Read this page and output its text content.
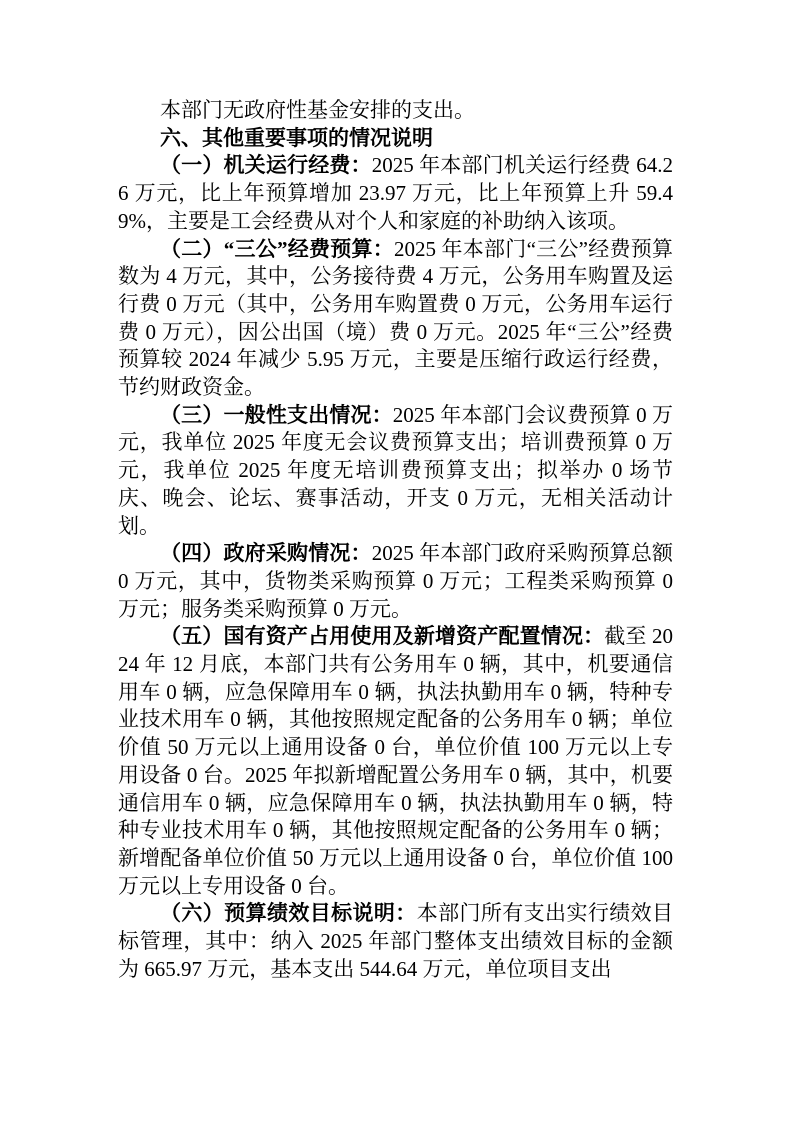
本部门无政府性基金安排的支出。

六、其他重要事项的情况说明

（一）机关运行经费：2025 年本部门机关运行经费 64.26 万元，比上年预算增加 23.97 万元，比上年预算上升 59.49%，主要是工会经费从对个人和家庭的补助纳入该项。

（二）“三公”经费预算：2025 年本部门“三公”经费预算数为 4 万元，其中，公务接待费 4 万元，公务用车购置及运行费 0 万元（其中，公务用车购置费 0 万元，公务用车运行费 0 万元），因公出国（境）费 0 万元。2025 年“三公”经费预算较 2024 年减少 5.95 万元，主要是压缩行政运行经费，节约财政资金。

（三）一般性支出情况：2025 年本部门会议费预算 0 万元，我单位 2025 年度无会议费预算支出；培训费预算 0 万元，我单位 2025 年度无培训费预算支出；拟举办 0 场节庆、晚会、论坛、赛事活动，开支 0 万元，无相关活动计划。

（四）政府采购情况：2025 年本部门政府采购预算总额 0 万元，其中，货物类采购预算 0 万元；工程类采购预算 0 万元；服务类采购预算 0 万元。

（五）国有资产占用使用及新增资产配置情况：截至 2024 年 12 月底，本部门共有公务用车 0 辆，其中，机要通信用车 0 辆，应急保障用车 0 辆，执法执勤用车 0 辆，特种专业技术用车 0 辆，其他按照规定配备的公务用车 0 辆；单位价值 50 万元以上通用设备 0 台，单位价值 100 万元以上专用设备 0 台。2025 年拟新增配置公务用车 0 辆，其中，机要通信用车 0 辆，应急保障用车 0 辆，执法执勤用车 0 辆，特种专业技术用车 0 辆，其他按照规定配备的公务用车 0 辆；新增配备单位价值 50 万元以上通用设备 0 台，单位价值 100 万元以上专用设备 0 台。

（六）预算绩效目标说明：本部门所有支出实行绩效目标管理，其中：纳入 2025 年部门整体支出绩效目标的金额为 665.97 万元，基本支出 544.64 万元，单位项目支出
